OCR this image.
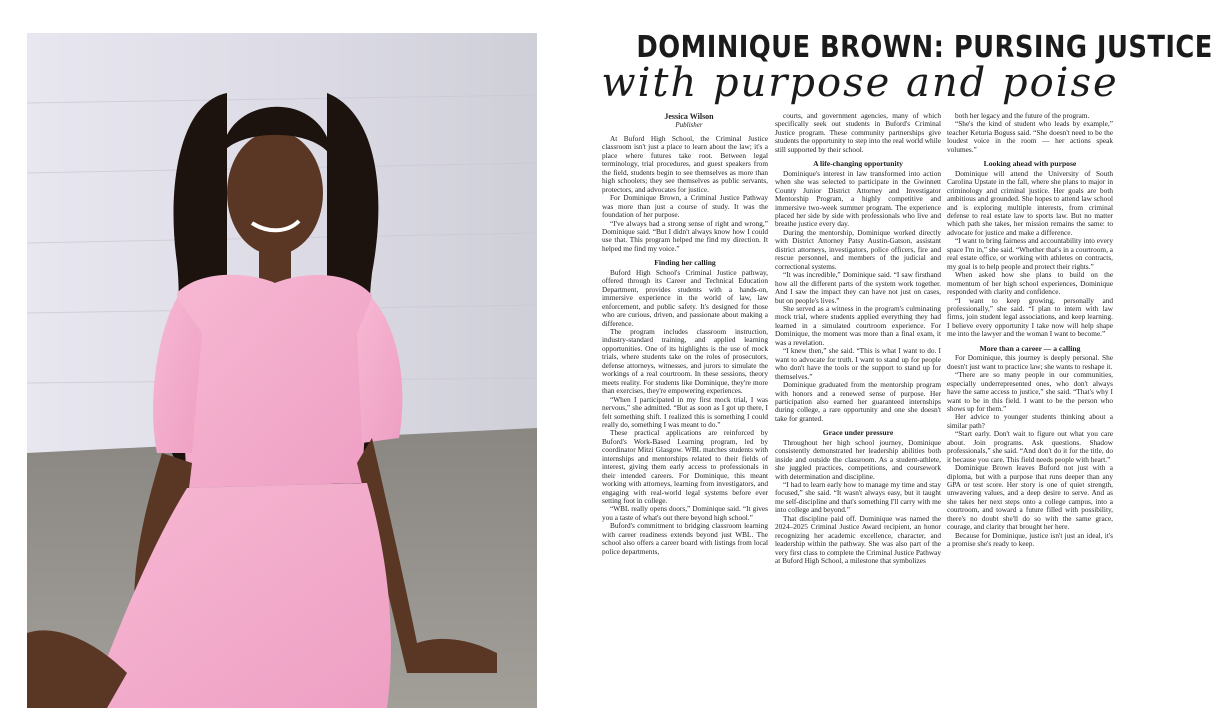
DOMINIQUE BROWN: PURSING JUSTICE
with purpose and poise

Jessica Wilson

Publisher

At Buford High School, the Criminal Justice classroom isn't just a place to learn about the law; it's a place where futures take root. Between legal terminology, trial procedures, and guest speakers from the field, students begin to see themselves as more than high schoolers; they see themselves as public servants, protectors, and advocates for justice.

For Dominique Brown, a Criminal Justice Pathway was more than just a course of study. It was the foundation of her purpose.

“I've always had a strong sense of right and wrong,” Dominique said. “But I didn't always know how I could use that. This program helped me find my direction. It helped me find my voice.”

Finding her calling

Buford High School's Criminal Justice pathway, offered through its Career and Technical Education Department, provides students with a hands-on, immersive experience in the world of law, law enforcement, and public safety. It's designed for those who are curious, driven, and passionate about making a difference.

The program includes classroom instruction, industry-standard training, and applied learning opportunities. One of its highlights is the use of mock trials, where students take on the roles of prosecutors, defense attorneys, witnesses, and jurors to simulate the workings of a real courtroom. In these sessions, theory meets reality. For students like Dominique, they're more than exercises, they're empowering experiences.

“When I participated in my first mock trial, I was nervous,” she admitted. “But as soon as I got up there, I felt something shift. I realized this is something I could really do, something I was meant to do.”

These practical applications are reinforced by Buford's Work-Based Learning program, led by coordinator Mitzi Glasgow. WBL matches students with internships and mentorships related to their fields of interest, giving them early access to professionals in their intended careers. For Dominique, this meant working with attorneys, learning from investigators, and engaging with real-world legal systems before ever setting foot in college.

“WBL really opens doors,” Dominique said. “It gives you a taste of what's out there beyond high school.”

Buford's commitment to bridging classroom learning with career readiness extends beyond just WBL. The school also offers a career board with listings from local police departments,

courts, and government agencies, many of which specifically seek out students in Buford's Criminal Justice program. These community partnerships give students the opportunity to step into the real world while still supported by their school.

A life-changing opportunity

Dominique's interest in law transformed into action when she was selected to participate in the Gwinnett County Junior District Attorney and Investigator Mentorship Program, a highly competitive and immersive two-week summer program. The experience placed her side by side with professionals who live and breathe justice every day.

During the mentorship, Dominique worked directly with District Attorney Patsy Austin-Gatson, assistant district attorneys, investigators, police officers, fire and rescue personnel, and members of the judicial and correctional systems.

“It was incredible,” Dominique said. “I saw firsthand how all the different parts of the system work together. And I saw the impact they can have not just on cases, but on people's lives.”

She served as a witness in the program's culminating mock trial, where students applied everything they had learned in a simulated courtroom experience. For Dominique, the moment was more than a final exam, it was a revelation.

“I knew then,” she said. “This is what I want to do. I want to advocate for truth. I want to stand up for people who don't have the tools or the support to stand up for themselves.”

Dominique graduated from the mentorship program with honors and a renewed sense of purpose. Her participation also earned her guaranteed internships during college, a rare opportunity and one she doesn't take for granted.

Grace under pressure

Throughout her high school journey, Dominique consistently demonstrated her leadership abilities both inside and outside the classroom. As a student-athlete, she juggled practices, competitions, and coursework with determination and discipline.

“I had to learn early how to manage my time and stay focused,” she said. “It wasn't always easy, but it taught me self-discipline and that's something I'll carry with me into college and beyond.”

That discipline paid off. Dominique was named the 2024–2025 Criminal Justice Award recipient, an honor recognizing her academic excellence, character, and leadership within the pathway. She was also part of the very first class to complete the Criminal Justice Pathway at Buford High School, a milestone that symbolizes

both her legacy and the future of the program.

“She's the kind of student who leads by example,” teacher Keturia Boguss said. “She doesn't need to be the loudest voice in the room — her actions speak volumes.”

Looking ahead with purpose

Dominique will attend the University of South Carolina Upstate in the fall, where she plans to major in criminology and criminal justice. Her goals are both ambitious and grounded. She hopes to attend law school and is exploring multiple interests, from criminal defense to real estate law to sports law. But no matter which path she takes, her mission remains the same: to advocate for justice and make a difference.

“I want to bring fairness and accountability into every space I'm in,” she said. “Whether that's in a courtroom, a real estate office, or working with athletes on contracts, my goal is to help people and protect their rights.”

When asked how she plans to build on the momentum of her high school experiences, Dominique responded with clarity and confidence.

“I want to keep growing, personally and professionally,” she said. “I plan to intern with law firms, join student legal associations, and keep learning. I believe every opportunity I take now will help shape me into the lawyer and the woman I want to become.”

More than a career — a calling

For Dominique, this journey is deeply personal. She doesn't just want to practice law; she wants to reshape it.

“There are so many people in our communities, especially underrepresented ones, who don't always have the same access to justice,” she said. “That's why I want to be in this field. I want to be the person who shows up for them.”

Her advice to younger students thinking about a similar path?

“Start early. Don't wait to figure out what you care about. Join programs. Ask questions. Shadow professionals,” she said. “And don't do it for the title, do it because you care. This field needs people with heart.”

Dominique Brown leaves Buford not just with a diploma, but with a purpose that runs deeper than any GPA or test score. Her story is one of quiet strength, unwavering values, and a deep desire to serve. And as she takes her next steps onto a college campus, into a courtroom, and toward a future filled with possibility, there's no doubt she'll do so with the same grace, courage, and clarity that brought her here.

Because for Dominique, justice isn't just an ideal, it's a promise she's ready to keep.
